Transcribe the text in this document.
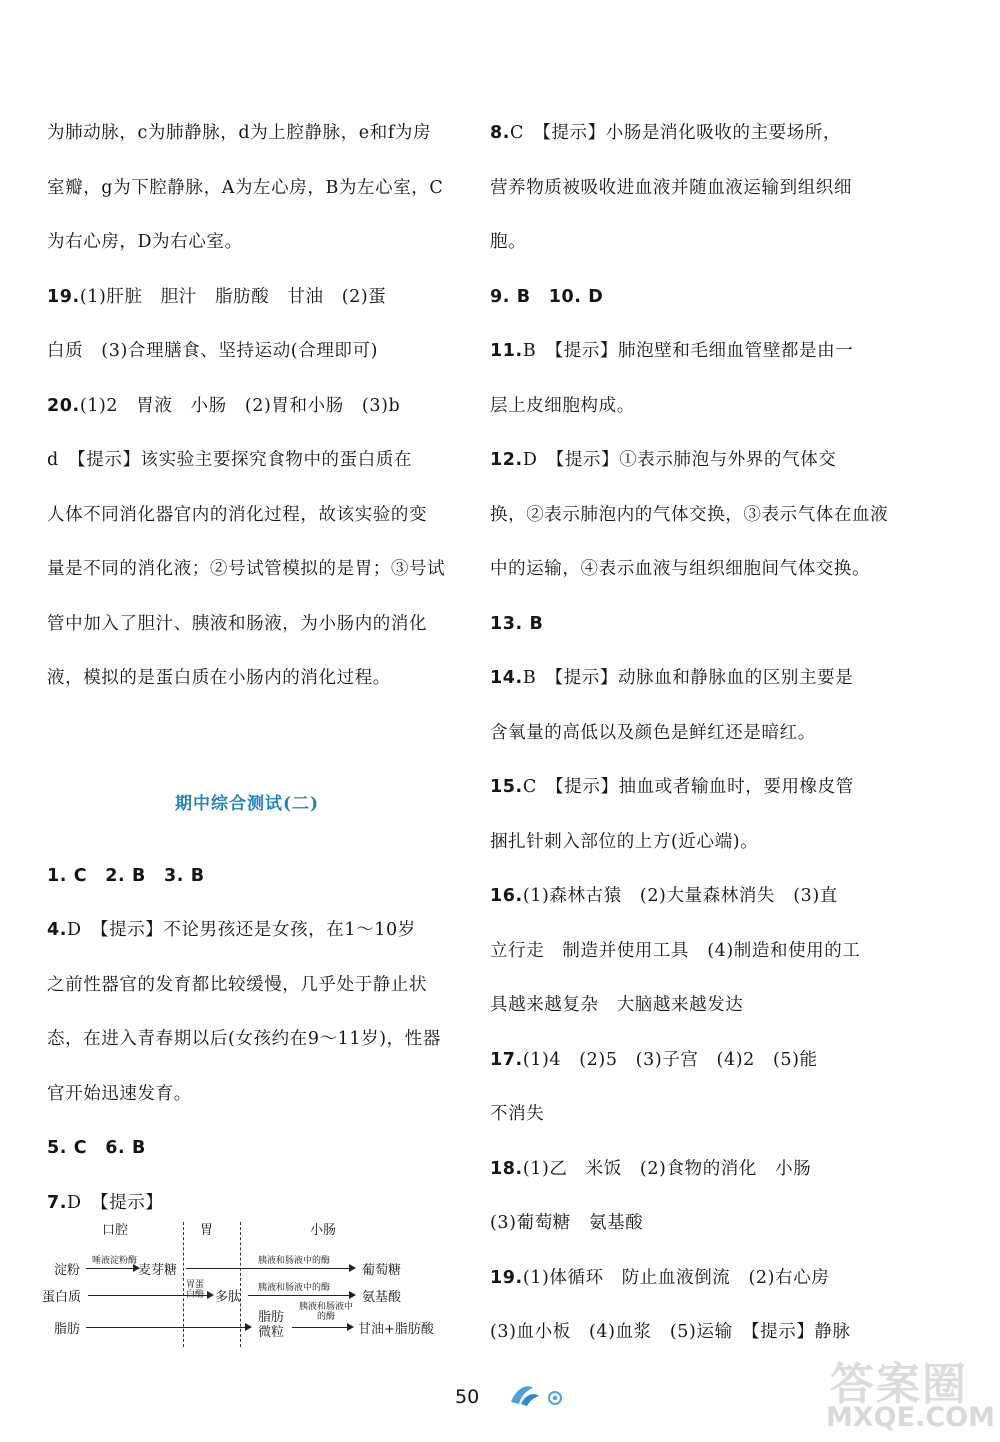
为肺动脉，c为肺静脉，d为上腔静脉，e和f为房

室瓣，g为下腔静脉，A为左心房，B为左心室，C

为右心房，D为右心室。

19.(1)肝脏　胆汁　脂肪酸　甘油　(2)蛋

白质　(3)合理膳食、坚持运动(合理即可)

20.(1)2　胃液　小肠　(2)胃和小肠　(3)b

d　【提示】该实验主要探究食物中的蛋白质在

人体不同消化器官内的消化过程，故该实验的变

量是不同的消化液；②号试管模拟的是胃；③号试

管中加入了胆汁、胰液和肠液，为小肠内的消化

液，模拟的是蛋白质在小肠内的消化过程。

期中综合测试(二)

1. C　2. B　3. B

4.D　【提示】不论男孩还是女孩，在1～10岁

之前性器官的发育都比较缓慢，几乎处于静止状

态，在进入青春期以后(女孩约在9～11岁)，性器

官开始迅速发育。

5. C　6. B

7.D　【提示】

口腔	胃	小肠
淀粉
唾液淀粉酶
麦芽糖
胰液和肠液中的酶
葡萄糖
蛋白质
胃蛋白酶 多肽
胰液和肠液中的酶
氨基酸
脂肪
脂肪微粒
胰液和肠液中的酶
甘油+脂肪酸

8.C　【提示】小肠是消化吸收的主要场所，

营养物质被吸收进血液并随血液运输到组织细

胞。

9. B　10. D

11.B　【提示】肺泡壁和毛细血管壁都是由一

层上皮细胞构成。

12.D　【提示】①表示肺泡与外界的气体交

换，②表示肺泡内的气体交换，③表示气体在血液

中的运输，④表示血液与组织细胞间气体交换。

13. B

14.B　【提示】动脉血和静脉血的区别主要是

含氧量的高低以及颜色是鲜红还是暗红。

15.C　【提示】抽血或者输血时，要用橡皮管

捆扎针刺入部位的上方(近心端)。

16.(1)森林古猿　(2)大量森林消失　(3)直

立行走　制造并使用工具　(4)制造和使用的工

具越来越复杂　大脑越来越发达

17.(1)4　(2)5　(3)子宫　(4)2　(5)能

不消失

18.(1)乙　米饭　(2)食物的消化　小肠

(3)葡萄糖　氨基酸

19.(1)体循环　防止血液倒流　(2)右心房

(3)血小板　(4)血浆　(5)运输　【提示】静脉

50	答案圈
MXQE.COM
